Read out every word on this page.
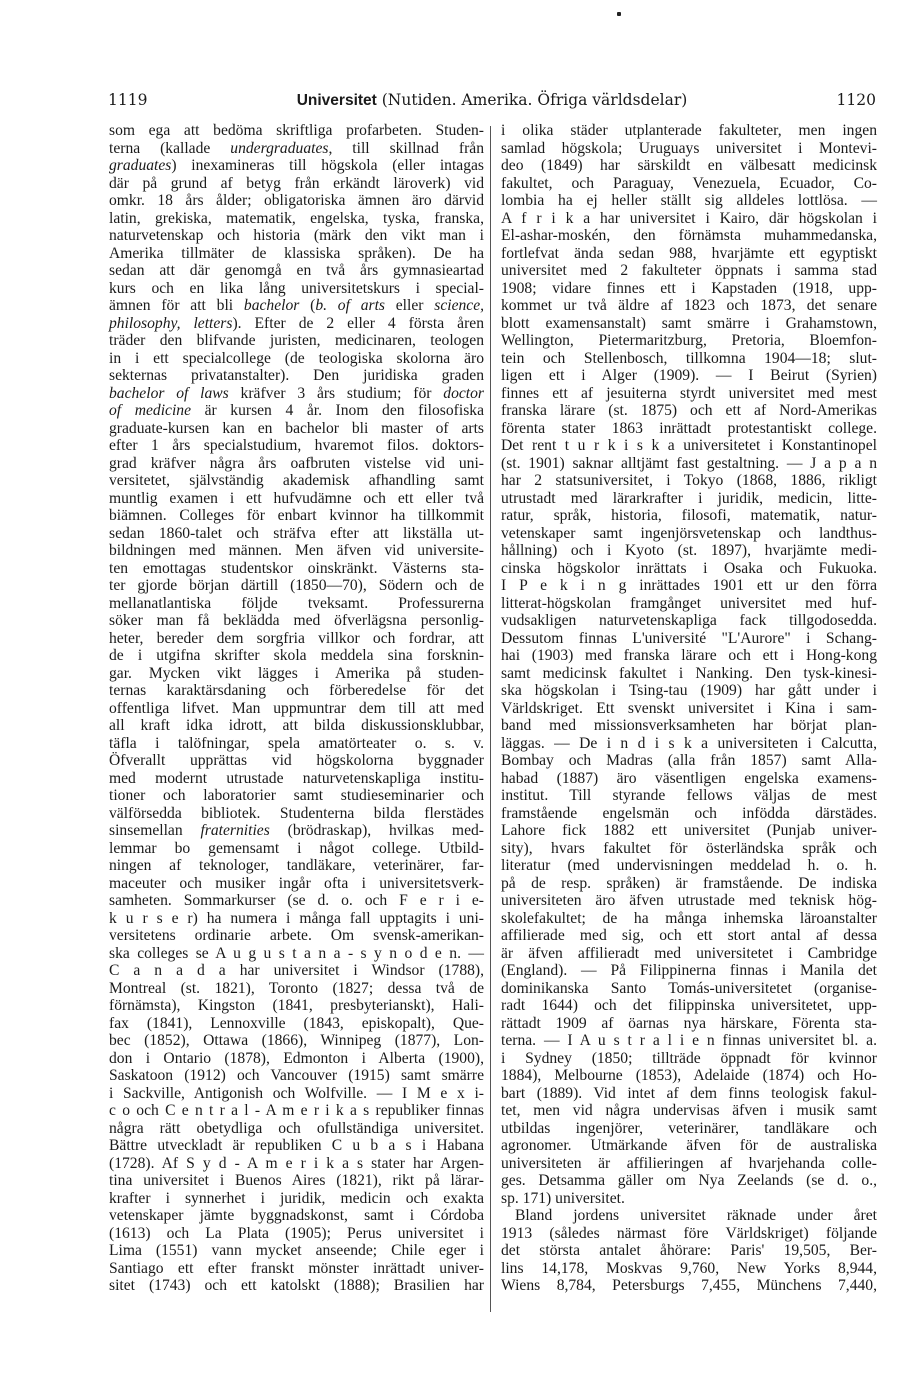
1119	Universitet (Nutiden. Amerika. Öfriga världsdelar)	1120
som ega att bedöma skriftliga profarbeten. Studen-
terna (kallade undergraduates, till skillnad från
graduates) inexamineras till högskola (eller intagas
där på grund af betyg från erkändt läroverk) vid
omkr. 18 års ålder; obligatoriska ämnen äro därvid
latin, grekiska, matematik, engelska, tyska, franska,
naturvetenskap och historia (märk den vikt man i
Amerika tillmäter de klassiska språken). De ha
sedan att där genomgå en två års gymnasieartad
kurs och en lika lång universitetskurs i special-
ämnen för att bli bachelor (b. of arts eller science,
philosophy, letters). Efter de 2 eller 4 första åren
träder den blifvande juristen, medicinaren, teologen
in i ett specialcollege (de teologiska skolorna äro
sekternas privatanstalter). Den juridiska graden
bachelor of laws kräfver 3 års studium; för doctor
of medicine är kursen 4 år. Inom den filosofiska
graduate-kursen kan en bachelor bli master of arts
efter 1 års specialstudium, hvaremot filos. doktors-
grad kräfver några års oafbruten vistelse vid uni-
versitetet, självständig akademisk afhandling samt
muntlig examen i ett hufvudämne och ett eller två
biämnen. Colleges för enbart kvinnor ha tillkommit
sedan 1860-talet och sträfva efter att likställa ut-
bildningen med männen. Men äfven vid universite-
ten emottagas studentskor oinskränkt. Västerns sta-
ter gjorde början därtill (1850—70), Södern och de
mellanatlantiska följde tveksamt. Professurerna
söker man få beklädda med öfverlägsna personlig-
heter, bereder dem sorgfria villkor och fordrar, att
de i utgifna skrifter skola meddela sina forsknin-
gar. Mycken vikt lägges i Amerika på studen-
ternas karaktärsdaning och förberedelse för det
offentliga lifvet. Man uppmuntrar dem till att med
all kraft idka idrott, att bilda diskussionsklubbar,
täfla i talöfningar, spela amatörteater o. s. v.
Öfverallt upprättas vid högskolorna byggnader
med modernt utrustade naturvetenskapliga institu-
tioner och laboratorier samt studieseminarier och
välförsedda bibliotek. Studenterna bilda flerstädes
sinsemellan fraternities (brödraskap), hvilkas med-
lemmar bo gemensamt i något college. Utbild-
ningen af teknologer, tandläkare, veterinärer, far-
maceuter och musiker ingår ofta i universitetsverk-
samheten. Sommarkurser (se d. o. och F e r i e-
k u r s e r) ha numera i många fall upptagits i uni-
versitetens ordinarie arbete. Om svensk-amerikan-
ska colleges se A u g u s t a n a - s y n o d e n. —
C a n a d a har universitet i Windsor (1788),
Montreal (st. 1821), Toronto (1827; dessa två de
förnämsta), Kingston (1841, presbyterianskt), Hali-
fax (1841), Lennoxville (1843, episkopalt), Que-
bec (1852), Ottawa (1866), Winnipeg (1877), Lon-
don i Ontario (1878), Edmonton i Alberta (1900),
Saskatoon (1912) och Vancouver (1915) samt smärre
i Sackville, Antigonish och Wolfville. — I M e x i-
c o och C e n t r a l - A m e r i k a s republiker finnas
några rätt obetydliga och ofullständiga universitet.
Bättre utveckladt är republiken C u b a s i Habana
(1728). Af S y d - A m e r i k a s stater har Argen-
tina universitet i Buenos Aires (1821), rikt på lärar-
krafter i synnerhet i juridik, medicin och exakta
vetenskaper jämte byggnadskonst, samt i Córdoba
(1613) och La Plata (1905); Perus universitet i
Lima (1551) vann mycket anseende; Chile eger i
Santiago ett efter franskt mönster inrättadt univer-
sitet (1743) och ett katolskt (1888); Brasilien har
i olika städer utplanterade fakulteter, men ingen
samlad högskola; Uruguays universitet i Montevi-
deo (1849) har särskildt en välbesatt medicinsk
fakultet, och Paraguay, Venezuela, Ecuador, Co-
lombia ha ej heller ställt sig alldeles lottlösa. —
A f r i k a har universitet i Kairo, där högskolan i
El-ashar-moskén, den förnämsta muhammedanska,
fortlefvat ända sedan 988, hvarjämte ett egyptiskt
universitet med 2 fakulteter öppnats i samma stad
1908; vidare finnes ett i Kapstaden (1918, upp-
kommet ur två äldre af 1823 och 1873, det senare
blott examensanstalt) samt smärre i Grahamstown,
Wellington, Pietermaritzburg, Pretoria, Bloemfon-
tein och Stellenbosch, tillkomna 1904—18; slut-
ligen ett i Alger (1909). — I Beirut (Syrien)
finnes ett af jesuiterna styrdt universitet med mest
franska lärare (st. 1875) och ett af Nord-Amerikas
förenta stater 1863 inrättadt protestantiskt college.
Det rent t u r k i s k a universitetet i Konstantinopel
(st. 1901) saknar alltjämt fast gestaltning. — J a p a n
har 2 statsuniversitet, i Tokyo (1868, 1886, rikligt
utrustadt med lärarkrafter i juridik, medicin, litte-
ratur, språk, historia, filosofi, matematik, natur-
vetenskaper samt ingenjörsvetenskap och landthus-
hållning) och i Kyoto (st. 1897), hvarjämte medi-
cinska högskolor inrättats i Osaka och Fukuoka.
I P e k i n g inrättades 1901 ett ur den förra
litterat-högskolan framgånget universitet med huf-
vudsakligen naturvetenskapliga fack tillgodosedda.
Dessutom finnas L'université "L'Aurore" i Schang-
hai (1903) med franska lärare och ett i Hong-kong
samt medicinsk fakultet i Nanking. Den tysk-kinesi-
ska högskolan i Tsing-tau (1909) har gått under i
Världskriget. Ett svenskt universitet i Kina i sam-
band med missionsverksamheten har börjat plan-
läggas. — De i n d i s k a universiteten i Calcutta,
Bombay och Madras (alla från 1857) samt Alla-
habad (1887) äro väsentligen engelska examens-
institut. Till styrande fellows väljas de mest
framstående engelsmän och infödda därstädes.
Lahore fick 1882 ett universitet (Punjab univer-
sity), hvars fakultet för österländska språk och
literatur (med undervisningen meddelad h. o. h.
på de resp. språken) är framstående. De indiska
universiteten äro äfven utrustade med teknisk hög-
skolefakultet; de ha många inhemska läroanstalter
affilierade med sig, och ett stort antal af dessa
är äfven affilieradt med universitetet i Cambridge
(England). — På Filippinerna finnas i Manila det
dominikanska Santo Tomás-universitetet (organise-
radt 1644) och det filippinska universitetet, upp-
rättadt 1909 af öarnas nya härskare, Förenta sta-
terna. — I A u s t r a l i e n finnas universitet bl. a.
i Sydney (1850; tillträde öppnadt för kvinnor
1884), Melbourne (1853), Adelaide (1874) och Ho-
bart (1889). Vid intet af dem finns teologisk fakul-
tet, men vid några undervisas äfven i musik samt
utbildas ingenjörer, veterinärer, tandläkare och
agronomer. Utmärkande äfven för de australiska
universiteten är affilieringen af hvarjehanda colle-
ges. Detsamma gäller om Nya Zeelands (se d. o.,
sp. 171) universitet.
Bland jordens universitet räknade under året
1913 (således närmast före Världskriget) följande
det största antalet åhörare: Paris' 19,505, Ber-
lins 14,178, Moskvas 9,760, New Yorks 8,944,
Wiens 8,784, Petersburgs 7,455, Münchens 7,440,
